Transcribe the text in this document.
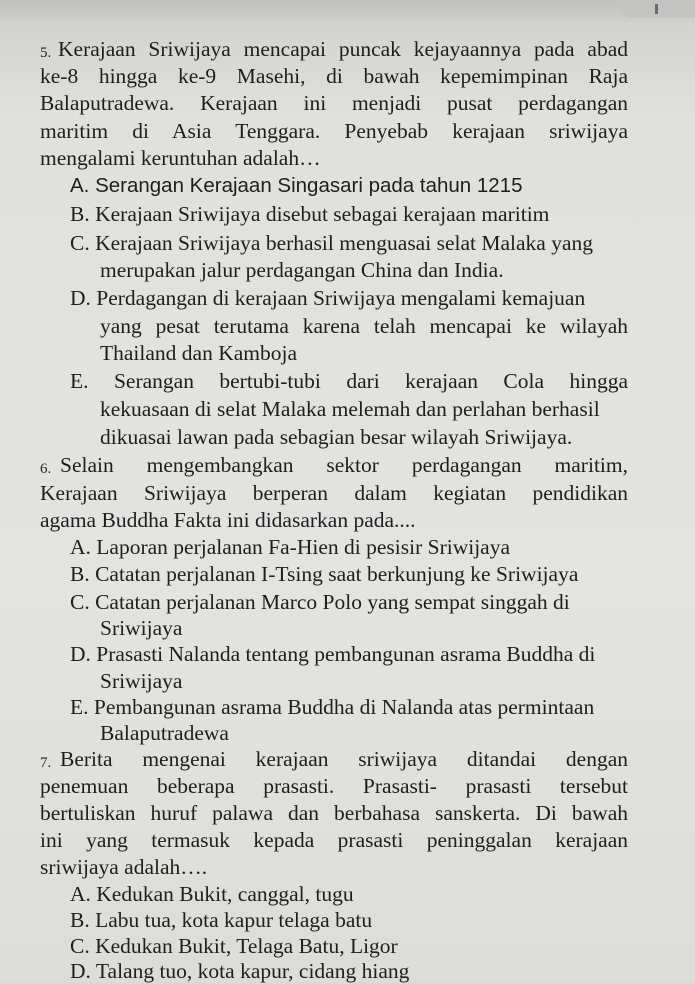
5. Kerajaan Sriwijaya mencapai puncak kejayaannya pada abad
ke-8 hingga ke-9 Masehi, di bawah kepemimpinan Raja
Balaputradewa. Kerajaan ini menjadi pusat perdagangan
maritim di Asia Tenggara. Penyebab kerajaan sriwijaya
mengalami keruntuhan adalah…
A. Serangan Kerajaan Singasari pada tahun 1215
B. Kerajaan Sriwijaya disebut sebagai kerajaan maritim
C. Kerajaan Sriwijaya berhasil menguasai selat Malaka yang
merupakan jalur perdagangan China dan India.
D. Perdagangan di kerajaan Sriwijaya mengalami kemajuan
yang pesat terutama karena telah mencapai ke wilayah
Thailand dan Kamboja
E. Serangan bertubi-tubi dari kerajaan Cola hingga
kekuasaan di selat Malaka melemah dan perlahan berhasil
dikuasai lawan pada sebagian besar wilayah Sriwijaya.
6. Selain mengembangkan sektor perdagangan maritim,
Kerajaan Sriwijaya berperan dalam kegiatan pendidikan
agama Buddha Fakta ini didasarkan pada....
A. Laporan perjalanan Fa-Hien di pesisir Sriwijaya
B. Catatan perjalanan I-Tsing saat berkunjung ke Sriwijaya
C. Catatan perjalanan Marco Polo yang sempat singgah di
Sriwijaya
D. Prasasti Nalanda tentang pembangunan asrama Buddha di
Sriwijaya
E. Pembangunan asrama Buddha di Nalanda atas permintaan
Balaputradewa
7. Berita mengenai kerajaan sriwijaya ditandai dengan
penemuan beberapa prasasti. Prasasti- prasasti tersebut
bertuliskan huruf palawa dan berbahasa sanskerta. Di bawah
ini yang termasuk kepada prasasti peninggalan kerajaan
sriwijaya adalah….
A. Kedukan Bukit, canggal, tugu
B. Labu tua, kota kapur telaga batu
C. Kedukan Bukit, Telaga Batu, Ligor
D. Talang tuo, kota kapur, cidang hiang
